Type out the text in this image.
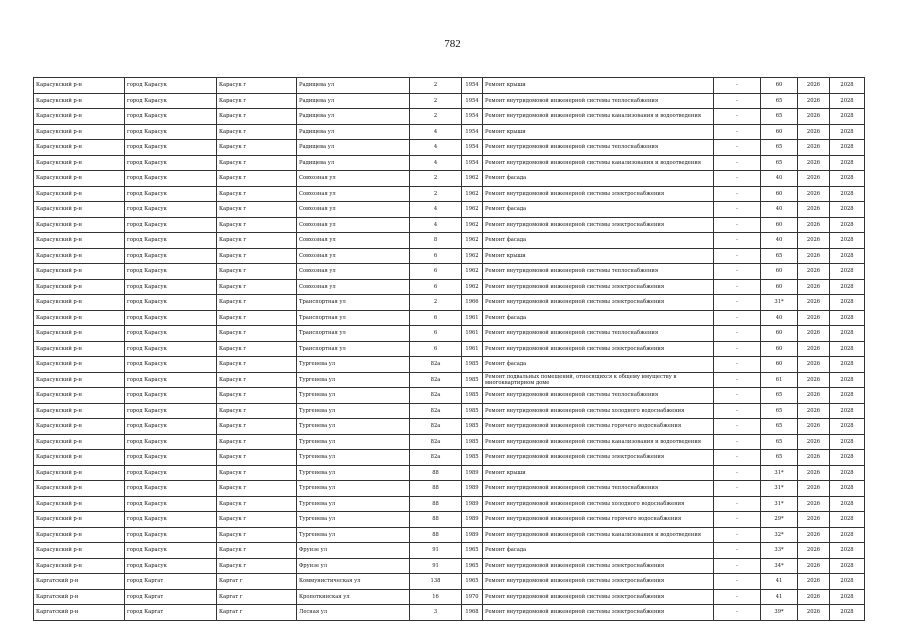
782
Карасукский р-н	город Карасук	Карасук г	Радищева ул	2	1954	Ремонт крыши	-	60	2026	2028
Карасукский р-н	город Карасук	Карасук г	Радищева ул	2	1954	Ремонт внутридомовой инженерной системы теплоснабжения	-	65	2026	2028
Карасукский р-н	город Карасук	Карасук г	Радищева ул	2	1954	Ремонт внутридомовой инженерной системы канализования и водоотведения	-	65	2026	2028
Карасукский р-н	город Карасук	Карасук г	Радищева ул	4	1954	Ремонт крыши	-	60	2026	2028
Карасукский р-н	город Карасук	Карасук г	Радищева ул	4	1954	Ремонт внутридомовой инженерной системы теплоснабжения	-	65	2026	2028
Карасукский р-н	город Карасук	Карасук г	Радищева ул	4	1954	Ремонт внутридомовой инженерной системы канализования и водоотведения	-	65	2026	2028
Карасукский р-н	город Карасук	Карасук г	Совхозная ул	2	1962	Ремонт фасада	-	40	2026	2028
Карасукский р-н	город Карасук	Карасук г	Совхозная ул	2	1962	Ремонт внутридомовой инженерной системы электроснабжения	-	60	2026	2028
Карасукский р-н	город Карасук	Карасук г	Совхозная ул	4	1962	Ремонт фасада	-	40	2026	2028
Карасукский р-н	город Карасук	Карасук г	Совхозная ул	4	1962	Ремонт внутридомовой инженерной системы электроснабжения	-	60	2026	2028
Карасукский р-н	город Карасук	Карасук г	Совхозная ул	8	1962	Ремонт фасада	-	40	2026	2028
Карасукский р-н	город Карасук	Карасук г	Совхозная ул	6	1962	Ремонт крыши	-	65	2026	2028
Карасукский р-н	город Карасук	Карасук г	Совхозная ул	6	1962	Ремонт внутридомовой инженерной системы теплоснабжения	-	60	2026	2028
Карасукский р-н	город Карасук	Карасук г	Совхозная ул	6	1962	Ремонт внутридомовой инженерной системы электроснабжения	-	60	2026	2028
Карасукский р-н	город Карасук	Карасук г	Транспортная ул	2	1966	Ремонт внутридомовой инженерной системы электроснабжения	-	31*	2026	2028
Карасукский р-н	город Карасук	Карасук г	Транспортная ул	6	1961	Ремонт фасада	-	40	2026	2028
Карасукский р-н	город Карасук	Карасук г	Транспортная ул	6	1961	Ремонт внутридомовой инженерной системы теплоснабжения	-	60	2026	2028
Карасукский р-н	город Карасук	Карасук г	Транспортная ул	6	1961	Ремонт внутридомовой инженерной системы электроснабжения	-	60	2026	2028
Карасукский р-н	город Карасук	Карасук г	Тургенева ул	82а	1985	Ремонт фасада	-	60	2026	2028
Карасукский р-н	город Карасук	Карасук г	Тургенева ул	82а	1985	Ремонт подвальных помещений, относящихся к общему имуществу в многоквартирном доме	-	61	2026	2028
Карасукский р-н	город Карасук	Карасук г	Тургенева ул	82а	1985	Ремонт внутридомовой инженерной системы теплоснабжения	-	65	2026	2028
Карасукский р-н	город Карасук	Карасук г	Тургенева ул	82а	1985	Ремонт внутридомовой инженерной системы холодного водоснабжения	-	65	2026	2028
Карасукский р-н	город Карасук	Карасук г	Тургенева ул	82а	1985	Ремонт внутридомовой инженерной системы горячего водоснабжения	-	65	2026	2028
Карасукский р-н	город Карасук	Карасук г	Тургенева ул	82а	1985	Ремонт внутридомовой инженерной системы канализования и водоотведения	-	65	2026	2028
Карасукский р-н	город Карасук	Карасук г	Тургенева ул	82а	1985	Ремонт внутридомовой инженерной системы электроснабжения	-	65	2026	2028
Карасукский р-н	город Карасук	Карасук г	Тургенева ул	88	1989	Ремонт крыши	-	31*	2026	2028
Карасукский р-н	город Карасук	Карасук г	Тургенева ул	88	1989	Ремонт внутридомовой инженерной системы теплоснабжения	-	31*	2026	2028
Карасукский р-н	город Карасук	Карасук г	Тургенева ул	88	1989	Ремонт внутридомовой инженерной системы холодного водоснабжения	-	31*	2026	2028
Карасукский р-н	город Карасук	Карасук г	Тургенева ул	88	1989	Ремонт внутридомовой инженерной системы горячего водоснабжения	-	29*	2026	2028
Карасукский р-н	город Карасук	Карасук г	Тургенева ул	88	1989	Ремонт внутридомовой инженерной системы канализования и водоотведения	-	32*	2026	2028
Карасукский р-н	город Карасук	Карасук г	Фрунзе ул	91	1965	Ремонт фасада	-	33*	2026	2028
Карасукский р-н	город Карасук	Карасук г	Фрунзе ул	91	1965	Ремонт внутридомовой инженерной системы электроснабжения	-	34*	2026	2028
Каргатский р-н	город Каргат	Каргат г	Коммунистическая ул	138	1965	Ремонт внутридомовой инженерной системы электроснабжения	-	41	2026	2028
Каргатский р-н	город Каргат	Каргат г	Кропоткинская ул	16	1970	Ремонт внутридомовой инженерной системы электроснабжения	-	41	2026	2028
Каргатский р-н	город Каргат	Каргат г	Лесная ул	3	1968	Ремонт внутридомовой инженерной системы электроснабжения	-	39*	2026	2028
